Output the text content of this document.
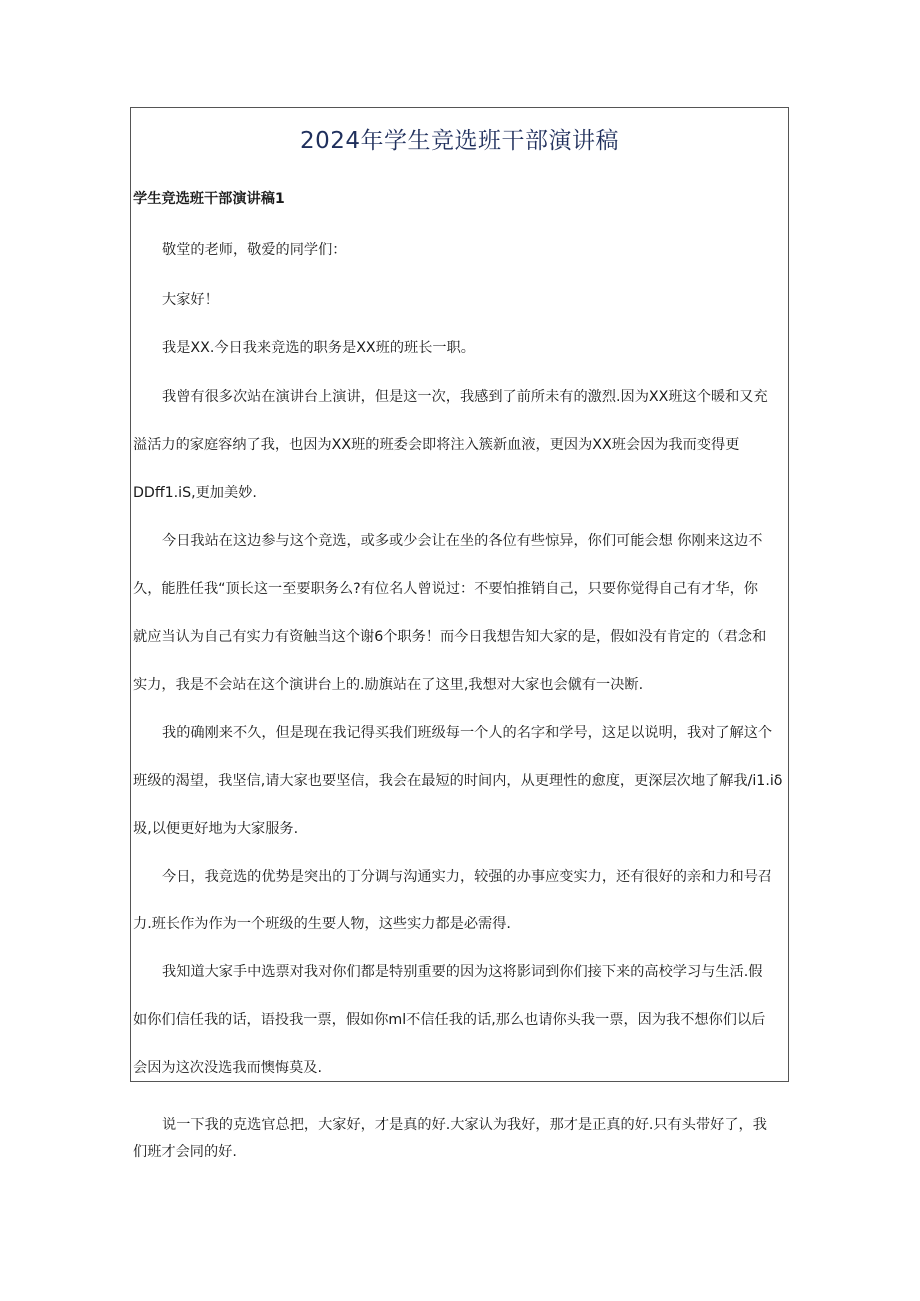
2024年学生竞选班干部演讲稿

学生竞选班干部演讲稿1

敬堂的老师，敬爱的同学们：

大家好！

我是XX.今日我来竞选的职务是XX班的班长一职。

我曾有很多次站在演讲台上演讲，但是这一次，我感到了前所未有的激烈.因为XX班这个暖和又充

溢活力的家庭容纳了我，也因为XX班的班委会即将注入簇新血液，更因为XX班会因为我而变得更

DDff1.iS,更加美妙.

今日我站在这边参与这个竞选，或多或少会让在坐的各位有些惊异，你们可能会想 你刚来这边不

久，能胜任我“顶长这一至要职务么?有位名人曾说过：不要怕推销自己，只要你觉得自己有才华，你

就应当认为自己有实力有资触当这个谢6个职务！而今日我想告知大家的是，假如没有肯定的（君念和

实力，我是不会站在这个演讲台上的.励旗站在了这里,我想对大家也会僦有一决断.

我的确刚来不久，但是现在我记得买我们班级每一个人的名字和学号，这足以说明，我对了解这个

班级的渴望，我坚信,请大家也要坚信，我会在最短的时间内，从更理性的愈度，更深层次地了解我/i1.iδ

圾,以便更好地为大家服务.

今日，我竞选的优势是突出的丁分调与沟通实力，较强的办事应变实力，还有很好的亲和力和号召

力.班长作为作为一个班级的生要人物，这些实力都是必需得.

我知道大家手中选票对我对你们都是特别重要的因为这将影词到你们接下来的高校学习与生活.假

如你们信任我的话，语投我一票，假如你ml不信任我的话,那么也请你头我一票，因为我不想你们以后

会因为这次没选我而懊悔莫及.

说一下我的克选官总把，大家好，才是真的好.大家认为我好，那才是正真的好.只有头带好了，我

们班才会同的好.
